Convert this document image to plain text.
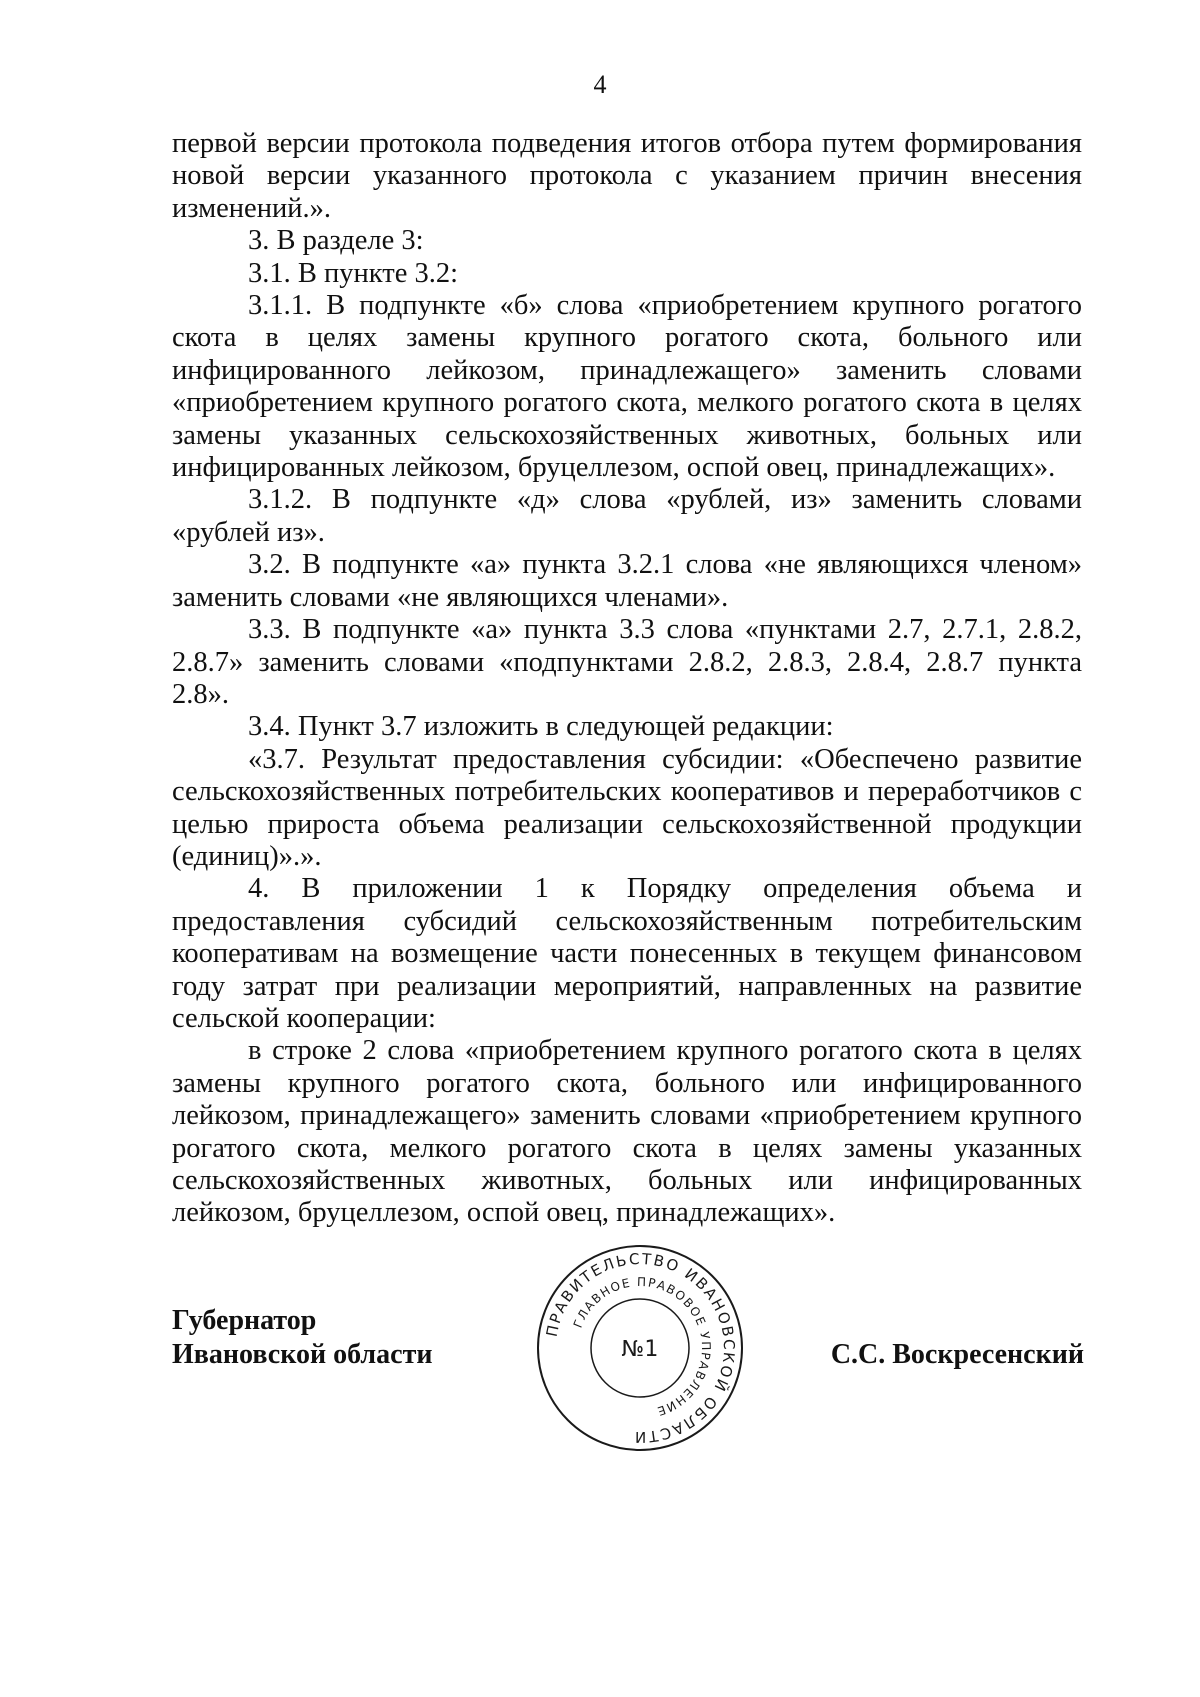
4

первой версии протокола подведения итогов отбора путем формирования новой версии указанного протокола с указанием причин внесения изменений.».

3. В разделе 3:

3.1. В пункте 3.2:

3.1.1. В подпункте «б» слова «приобретением крупного рогатого скота в целях замены крупного рогатого скота, больного или инфицированного лейкозом, принадлежащего» заменить словами «приобретением крупного рогатого скота, мелкого рогатого скота в целях замены указанных сельскохозяйственных животных, больных или инфицированных лейкозом, бруцеллезом, оспой овец, принадлежащих».

3.1.2. В подпункте «д» слова «рублей, из» заменить словами «рублей из».

3.2. В подпункте «а» пункта 3.2.1 слова «не являющихся членом» заменить словами «не являющихся членами».

3.3. В подпункте «а» пункта 3.3 слова «пунктами 2.7, 2.7.1, 2.8.2, 2.8.7» заменить словами «подпунктами 2.8.2, 2.8.3, 2.8.4, 2.8.7 пункта 2.8».

3.4. Пункт 3.7 изложить в следующей редакции:

«3.7. Результат предоставления субсидии: «Обеспечено развитие сельскохозяйственных потребительских кооперативов и переработчиков с целью прироста объема реализации сельскохозяйственной продукции (единиц)».».

4. В приложении 1 к Порядку определения объема и предоставления субсидий сельскохозяйственным потребительским кооперативам на возмещение части понесенных в текущем финансовом году затрат при реализации мероприятий, направленных на развитие сельской кооперации:

в строке 2 слова «приобретением крупного рогатого скота в целях замены крупного рогатого скота, больного или инфицированного лейкозом, принадлежащего» заменить словами «приобретением крупного рогатого скота, мелкого рогатого скота в целях замены указанных сельскохозяйственных животных, больных или инфицированных лейкозом, бруцеллезом, оспой овец, принадлежащих».

Губернатор
Ивановской области
ПРАВИТЕЛЬСТВО ИВАНОВСКОЙ ОБЛАСТИ
ГЛАВНОЕ ПРАВОВОЕ УПРАВЛЕНИЕ
№1	С.С. Воскресенский
